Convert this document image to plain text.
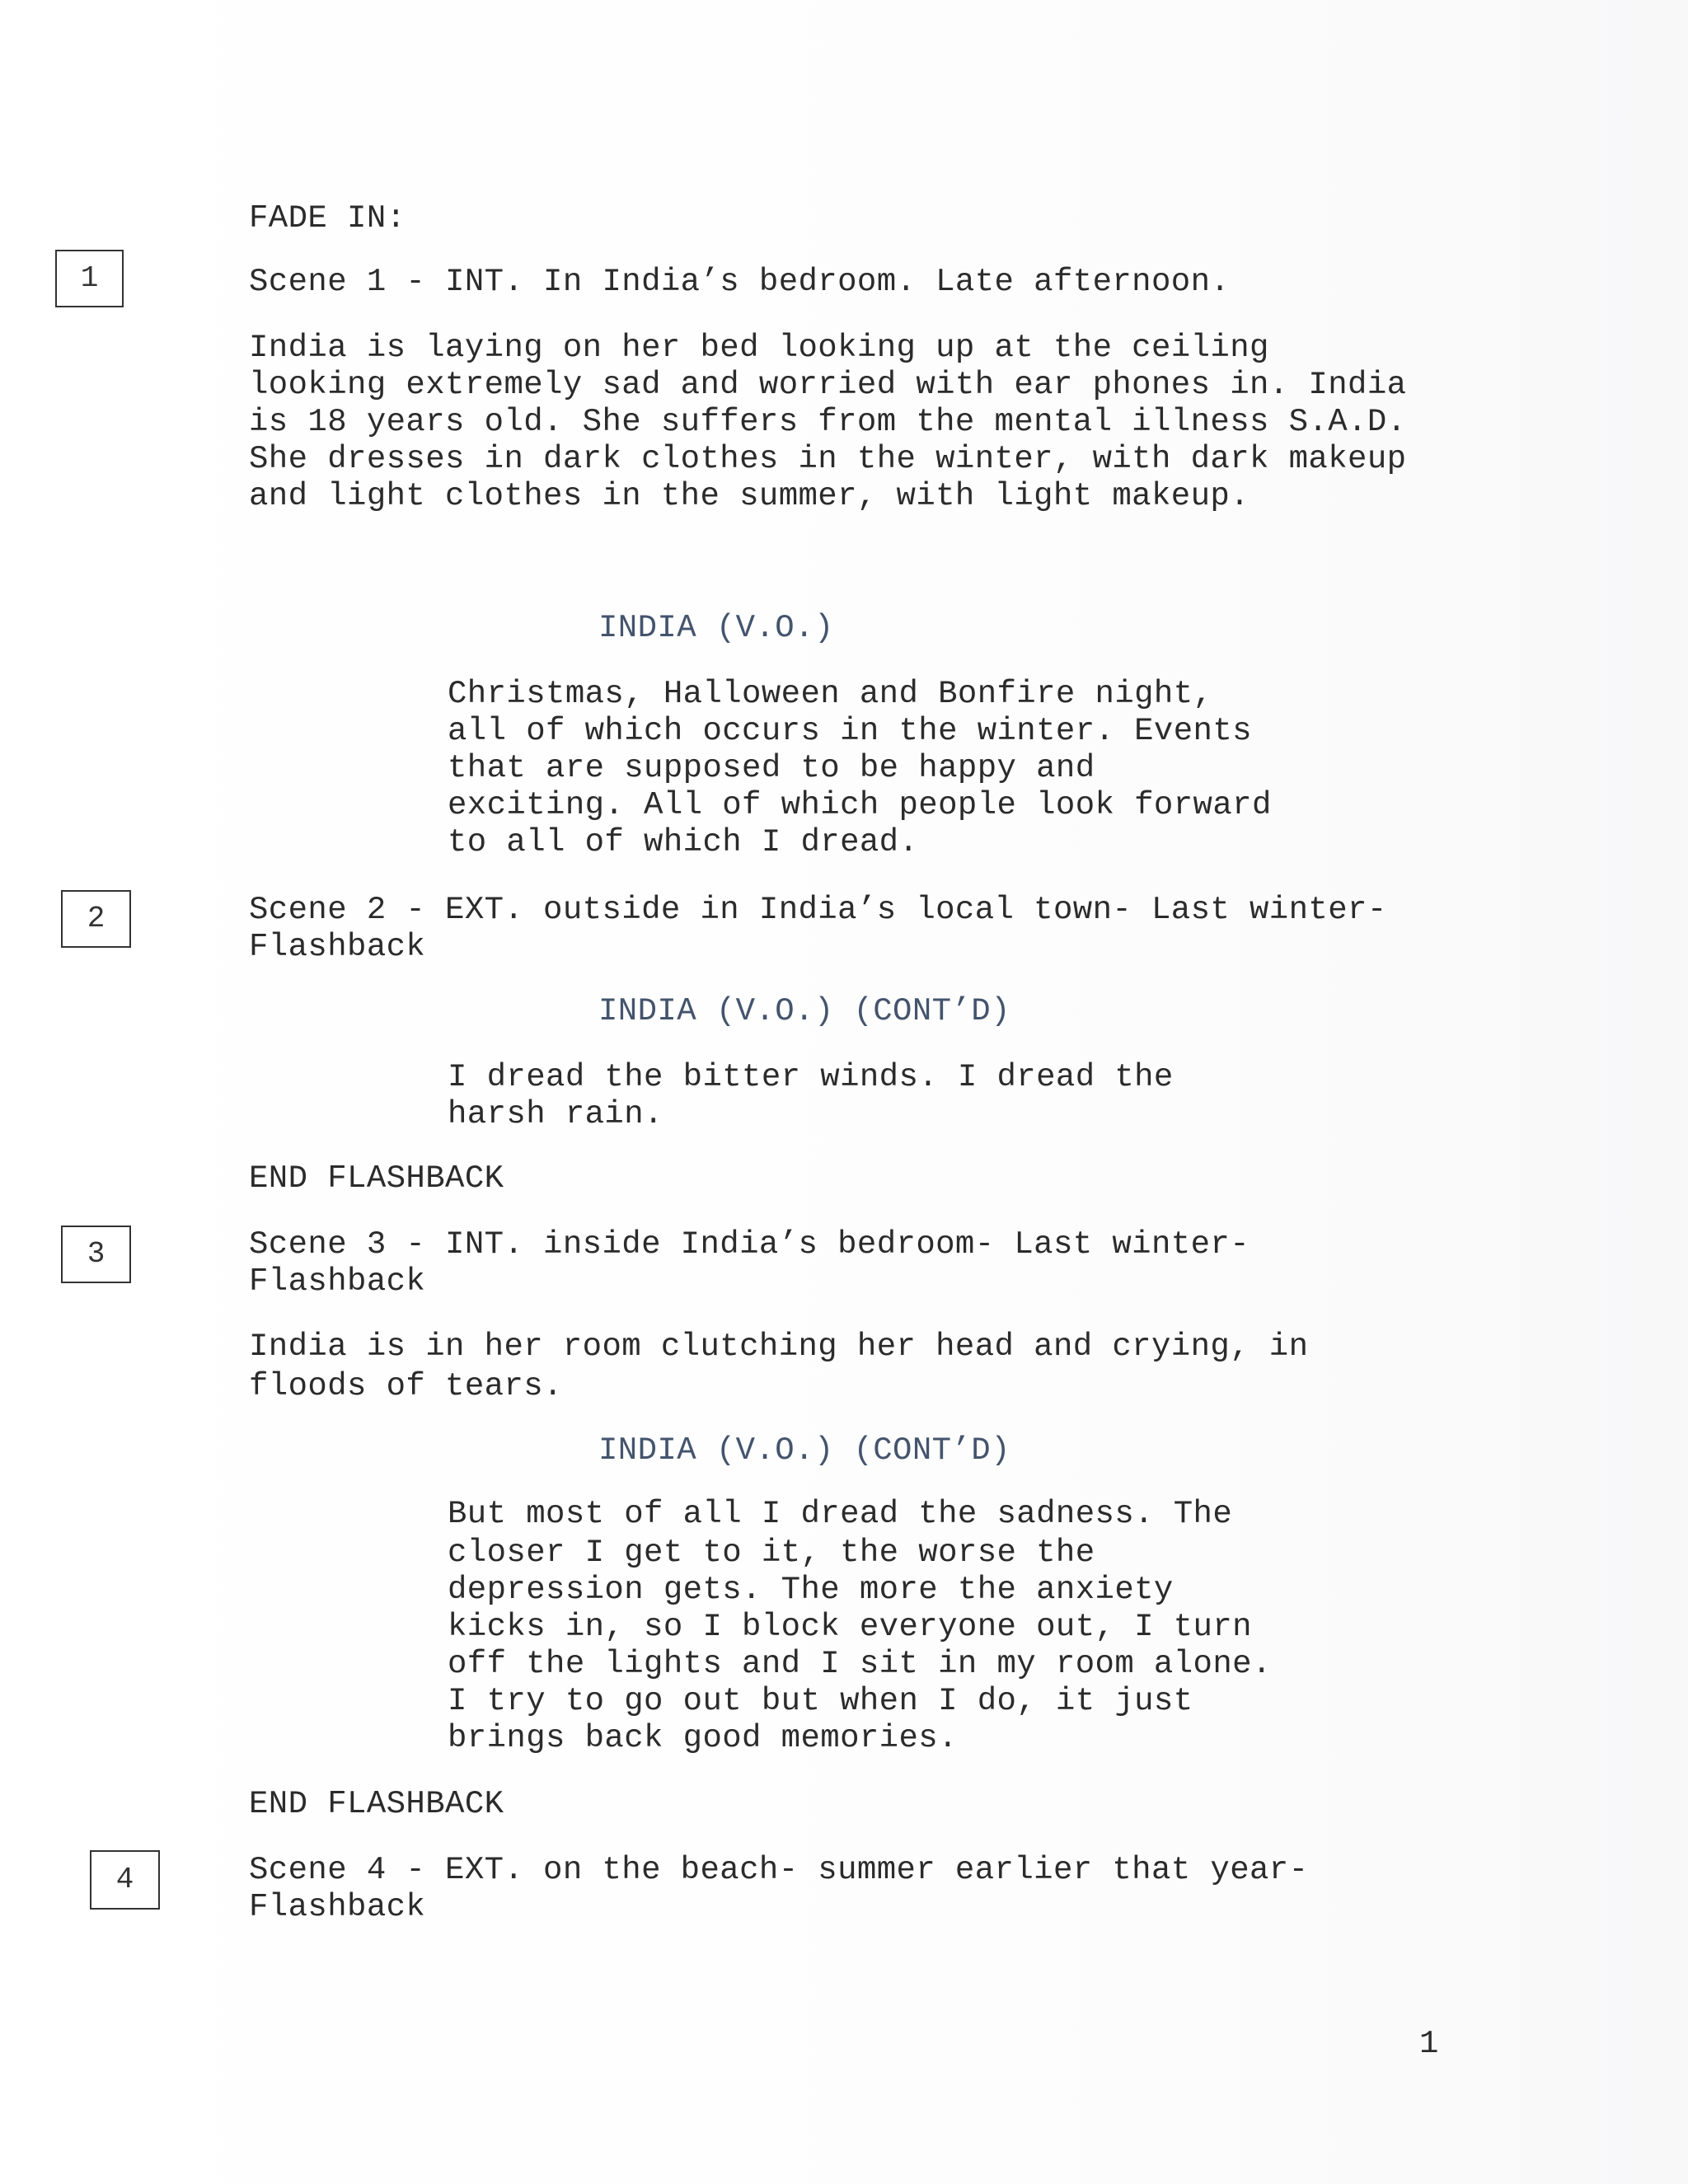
FADE IN:
1	Scene 1 - INT. In India’s bedroom. Late afternoon.
India is laying on her bed looking up at the ceiling
looking extremely sad and worried with ear phones in. India
is 18 years old. She suffers from the mental illness S.A.D.
She dresses in dark clothes in the winter, with dark makeup
and light clothes in the summer, with light makeup.
INDIA (V.O.)
Christmas, Halloween and Bonfire night,
all of which occurs in the winter. Events
that are supposed to be happy and
exciting. All of which people look forward
to all of which I dread.
2	Scene 2 - EXT. outside in India’s local town- Last winter-
Flashback
INDIA (V.O.) (CONT’D)
I dread the bitter winds. I dread the
harsh rain.
END FLASHBACK
3	Scene 3 - INT. inside India’s bedroom- Last winter-
Flashback
India is in her room clutching her head and crying, in
floods of tears.
INDIA (V.O.) (CONT’D)
But most of all I dread the sadness. The
closer I get to it, the worse the
depression gets. The more the anxiety
kicks in, so I block everyone out, I turn
off the lights and I sit in my room alone.
I try to go out but when I do, it just
brings back good memories.
END FLASHBACK
4	Scene 4 - EXT. on the beach- summer earlier that year-
Flashback
1
